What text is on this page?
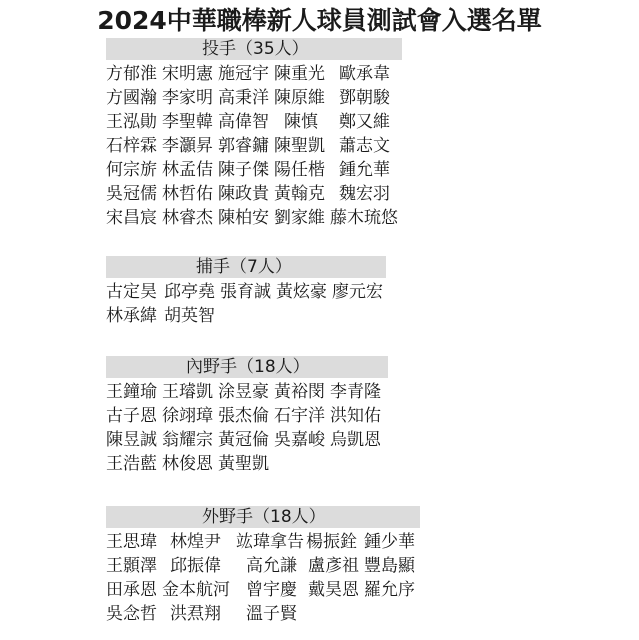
2024中華職棒新人球員測試會入選名單
投手（35人）
方郁淮 宋明憲 施冠宇 陳重光 歐承韋
方國瀚 李家明 高秉洋 陳原維 鄧朝駿
王泓勛 李聖韓 高偉智 陳慎 鄭又維
石梓霖 李灝昇 郭睿鏞 陳聖凱 蕭志文
何宗旂 林孟佶 陳子傑 陽任楷 鍾允華
吳冠儒 林哲佑 陳政貴 黃翰克 魏宏羽
宋昌宸 林睿杰 陳柏安 劉家維 藤木琉悠
捕手（7人）
古定昊 邱亭堯 張育誠 黃炫豪 廖元宏
林承緯 胡英智
內野手（18人）
王鐘瑜 王璿凱 涂昱豪 黃裕閔 李青隆
古子恩 徐翊璋 張杰倫 石宇洋 洪知佑
陳昱誠 翁耀宗 黃冠倫 吳嘉峻 烏凱恩
王浩藍 林俊恩 黃聖凱
外野手（18人）
王思瑋 林煌尹 竑瑋拿告 楊振銓 鍾少華
王顥澤 邱振偉 高允謙 盧彥祖 豐島顯
田承恩 金本航河 曾宇慶 戴昊恩 羅允序
吳念哲 洪焄翔 溫子賢
